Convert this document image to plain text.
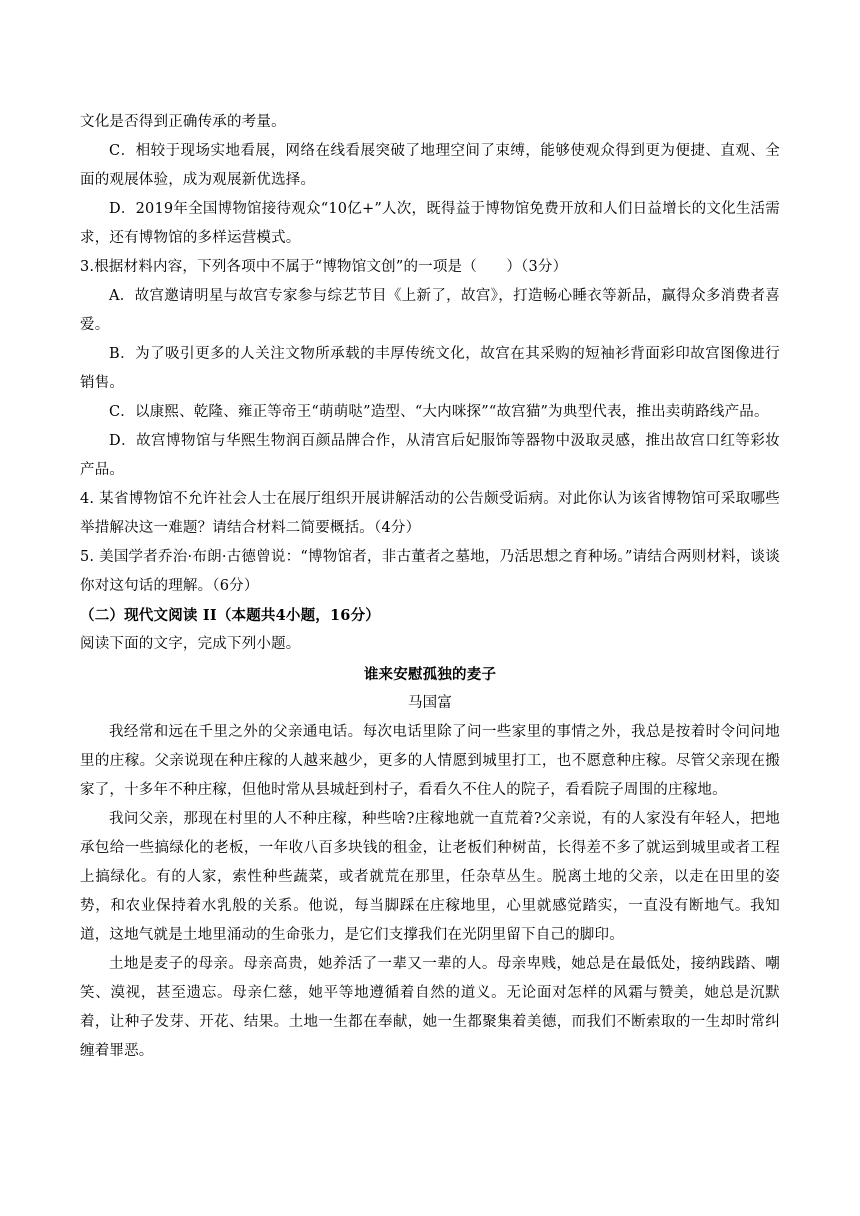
文化是否得到正确传承的考量。

C．相较于现场实地看展，网络在线看展突破了地理空间了束缚，能够使观众得到更为便捷、直观、全面的观展体验，成为观展新优选择。

D．2019年全国博物馆接待观众“10亿+”人次，既得益于博物馆免费开放和人们日益增长的文化生活需求，还有博物馆的多样运营模式。

3.根据材料内容，下列各项中不属于“博物馆文创”的一项是（　　）（3分）

A．故宫邀请明星与故宫专家参与综艺节目《上新了，故宫》，打造畅心睡衣等新品，赢得众多消费者喜爱。

B．为了吸引更多的人关注文物所承载的丰厚传统文化，故宫在其采购的短袖衫背面彩印故宫图像进行销售。

C．以康熙、乾隆、雍正等帝王“萌萌哒”造型、“大内咪探”“故宫猫”为典型代表，推出卖萌路线产品。

D．故宫博物馆与华熙生物润百颜品牌合作，从清宫后妃服饰等器物中汲取灵感，推出故宫口红等彩妆产品。

4. 某省博物馆不允许社会人士在展厅组织开展讲解活动的公告颇受诟病。对此你认为该省博物馆可采取哪些举措解决这一难题？请结合材料二简要概括。（4分）

5. 美国学者乔治·布朗·古德曾说：“博物馆者，非古董者之墓地，乃活思想之育种场。”请结合两则材料，谈谈你对这句话的理解。（6分）

（二）现代文阅读 II（本题共4小题，16分）

阅读下面的文字，完成下列小题。

谁来安慰孤独的麦子

马国富

我经常和远在千里之外的父亲通电话。每次电话里除了问一些家里的事情之外，我总是按着时令问问地里的庄稼。父亲说现在种庄稼的人越来越少，更多的人情愿到城里打工，也不愿意种庄稼。尽管父亲现在搬家了，十多年不种庄稼，但他时常从县城赶到村子，看看久不住人的院子，看看院子周围的庄稼地。

我问父亲，那现在村里的人不种庄稼，种些啥?庄稼地就一直荒着?父亲说，有的人家没有年轻人，把地承包给一些搞绿化的老板，一年收八百多块钱的租金，让老板们种树苗，长得差不多了就运到城里或者工程上搞绿化。有的人家，索性种些蔬菜，或者就荒在那里，任杂草丛生。脱离土地的父亲，以走在田里的姿势，和农业保持着水乳般的关系。他说，每当脚踩在庄稼地里，心里就感觉踏实，一直没有断地气。我知道，这地气就是土地里涌动的生命张力，是它们支撑我们在光阴里留下自己的脚印。

土地是麦子的母亲。母亲高贵，她养活了一辈又一辈的人。母亲卑贱，她总是在最低处，接纳践踏、嘲笑、漠视，甚至遗忘。母亲仁慈，她平等地遵循着自然的道义。无论面对怎样的风霜与赞美，她总是沉默着，让种子发芽、开花、结果。土地一生都在奉献，她一生都聚集着美德，而我们不断索取的一生却时常纠缠着罪恶。
